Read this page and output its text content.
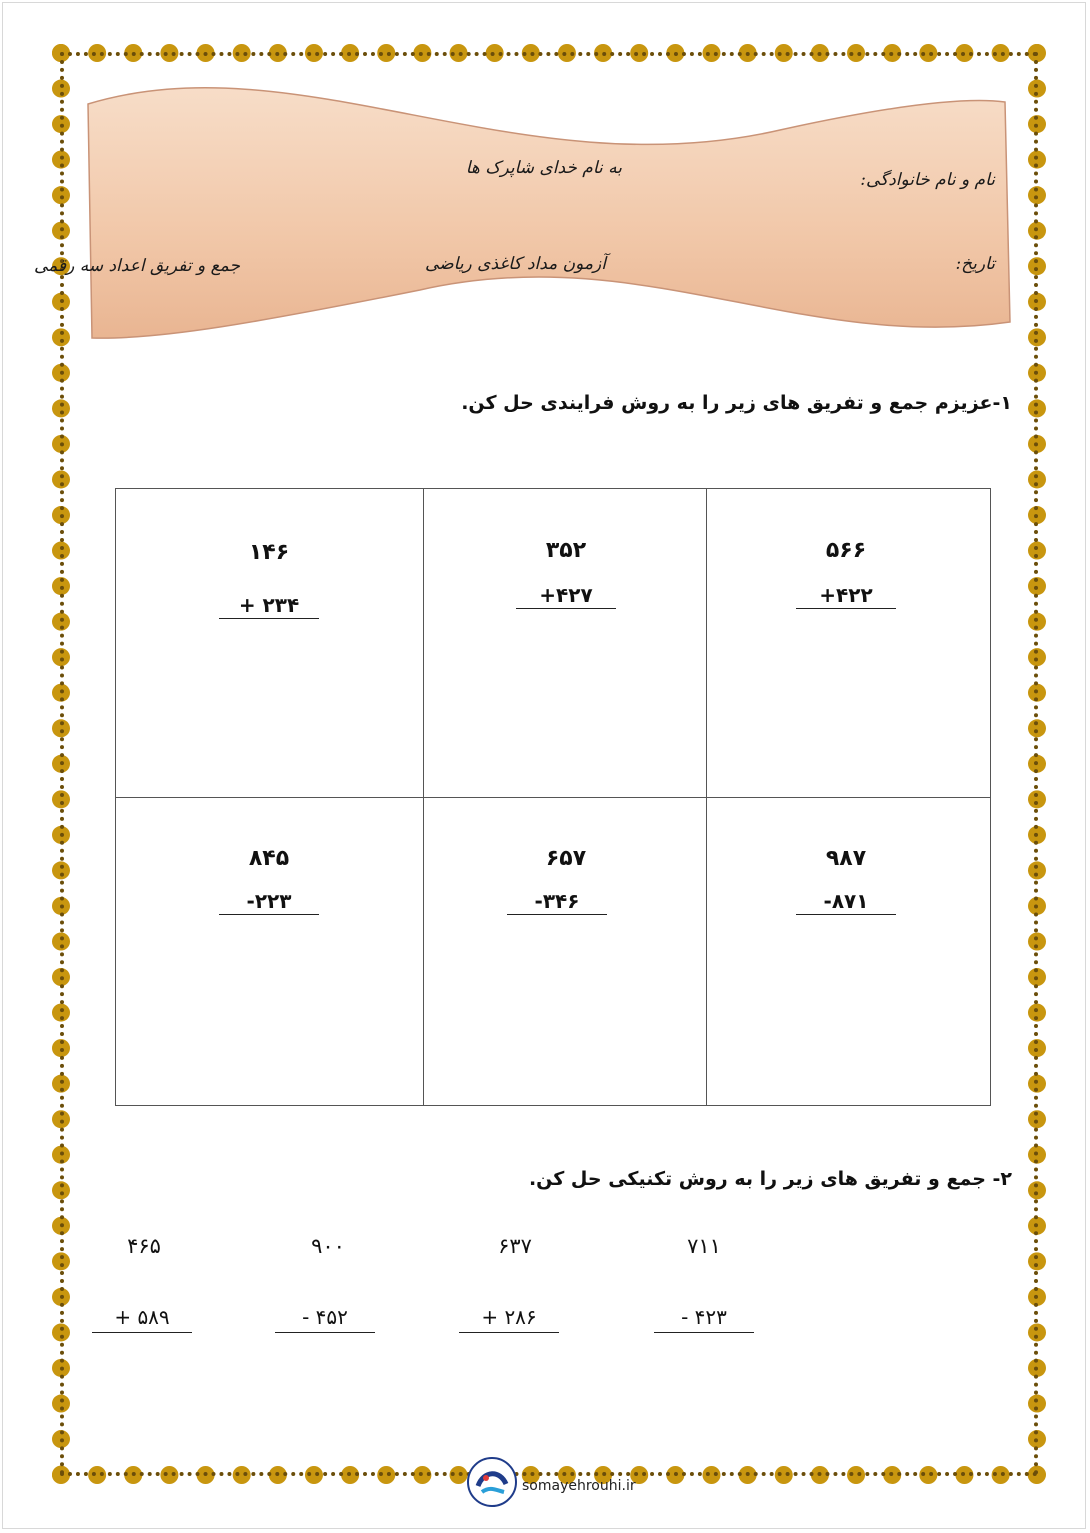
نام و نام خانوادگی:
به نام خدای شاپرک ها
تاریخ:
آزمون مداد کاغذی ریاضی
جمع و تفریق اعداد سه رقمی
۱-عزیزم جمع و تفریق های زیر را به روش فرایندی حل کن.
۵۶۶
+۴۲۲
۳۵۲
+۴۲۷
۱۴۶
+ ۲۳۴
۹۸۷
-۸۷۱
۶۵۷
-۳۴۶
۸۴۵
-۲۲۳
۲- جمع و تفریق های زیر را به روش تکنیکی حل کن.
۷۱۱
- ۴۲۳
۶۳۷
+ ۲۸۶
۹۰۰
- ۴۵۲
۴۶۵
+ ۵۸۹
somayehrouhi.ir
